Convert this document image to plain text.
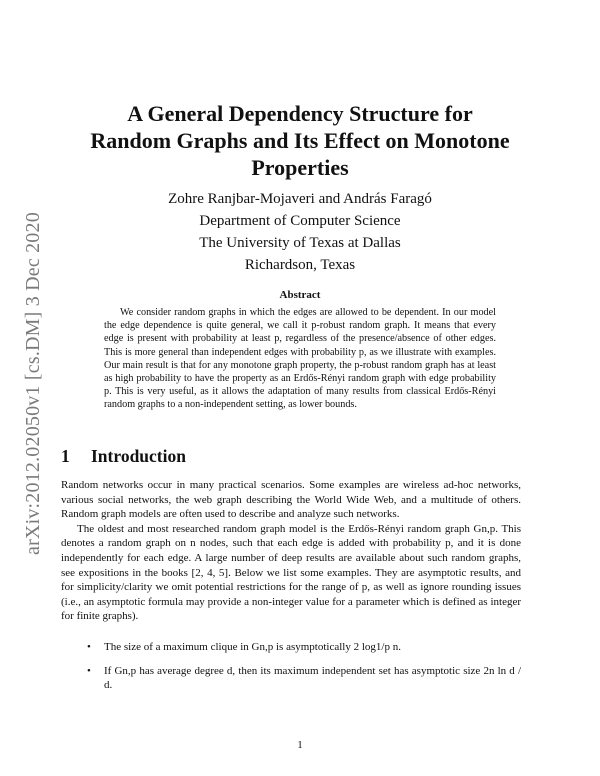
arXiv:2012.02050v1 [cs.DM] 3 Dec 2020
A General Dependency Structure for
Random Graphs and Its Effect on Monotone
Properties
Zohre Ranjbar-Mojaveri and András Faragó
Department of Computer Science
The University of Texas at Dallas
Richardson, Texas
Abstract

We consider random graphs in which the edges are allowed to be dependent. In our model the edge dependence is quite general, we call it p-robust random graph. It means that every edge is present with probability at least p, regardless of the presence/absence of other edges. This is more general than independent edges with probability p, as we illustrate with examples. Our main result is that for any monotone graph property, the p-robust random graph has at least as high probability to have the property as an Erdős-Rényi random graph with edge probability p. This is very useful, as it allows the adaptation of many results from classical Erdős-Rényi random graphs to a non-independent setting, as lower bounds.

1 Introduction

Random networks occur in many practical scenarios. Some examples are wireless ad-hoc networks, various social networks, the web graph describing the World Wide Web, and a multitude of others. Random graph models are often used to describe and analyze such networks.

The oldest and most researched random graph model is the Erdős-Rényi random graph Gn,p. This denotes a random graph on n nodes, such that each edge is added with probability p, and it is done independently for each edge. A large number of deep results are available about such random graphs, see expositions in the books [2, 4, 5]. Below we list some examples. They are asymptotic results, and for simplicity/clarity we omit potential restrictions for the range of p, as well as ignore rounding issues (i.e., an asymptotic formula may provide a non-integer value for a parameter which is defined as integer for finite graphs).

• The size of a maximum clique in Gn,p is asymptotically 2 log1/p n.
• If Gn,p has average degree d, then its maximum independent set has asymptotic size 2n ln d / d.
1
